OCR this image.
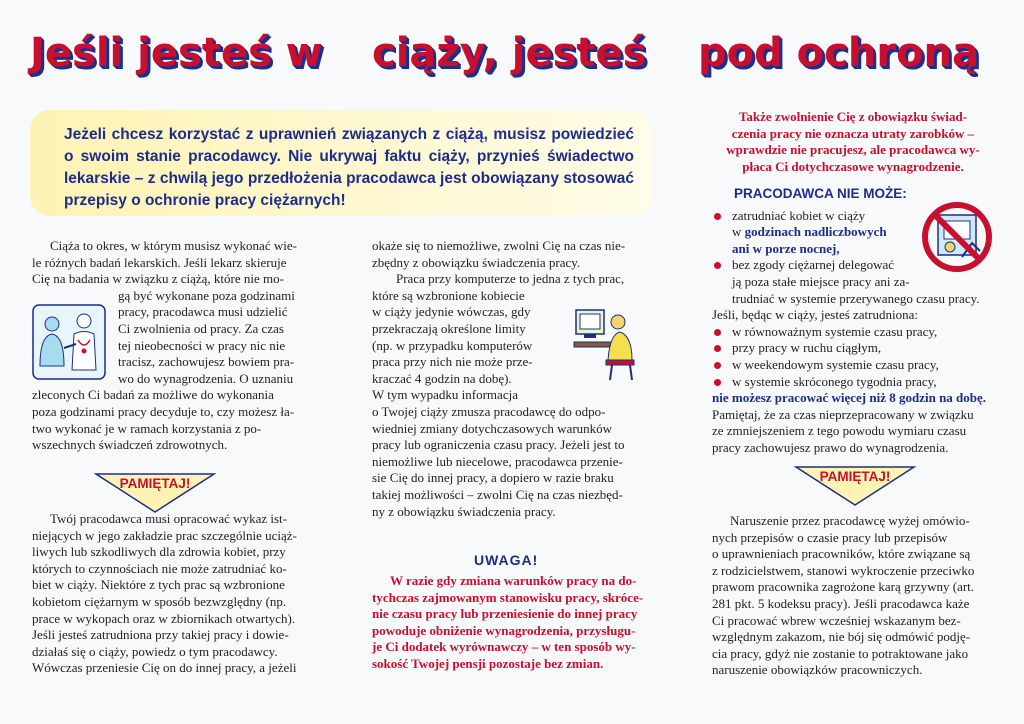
Jeśli jesteś w ciąży, jesteś pod ochroną
Jeżeli chcesz korzystać z uprawnień związanych z ciążą, musisz powiedzieć o swoim stanie pracodawcy. Nie ukrywaj faktu ciąży, przynieś świadectwo lekarskie – z chwilą jego przedłożenia pracodawca jest obowiązany stosować przepisy o ochronie pracy ciężarnych!
Ciąża to okres, w którym musisz wykonać wie-
le różnych badań lekarskich. Jeśli lekarz skieruje
Cię na badania w związku z ciążą, które nie mo-
gą być wykonane poza godzinami
pracy, pracodawca musi udzielić
Ci zwolnienia od pracy. Za czas
tej nieobecności w pracy nic nie
tracisz, zachowujesz bowiem pra-
wo do wynagrodzenia. O uznaniu
zleconych Ci badań za możliwe do wykonania
poza godzinami pracy decyduje to, czy możesz ła-
two wykonać je w ramach korzystania z po-
wszechnych świadczeń zdrowotnych.
PAMIĘTAJ!
Twój pracodawca musi opracować wykaz ist-
niejących w jego zakładzie prac szczególnie uciąż-
liwych lub szkodliwych dla zdrowia kobiet, przy
których to czynnościach nie może zatrudniać ko-
biet w ciąży. Niektóre z tych prac są wzbronione
kobietom ciężarnym w sposób bezwzględny (np.
prace w wykopach oraz w zbiornikach otwartych).
Jeśli jesteś zatrudniona przy takiej pracy i dowie-
działaś się o ciąży, powiedz o tym pracodawcy.
Wówczas przeniesie Cię on do innej pracy, a jeżeli
okaże się to niemożliwe, zwolni Cię na czas nie-
zbędny z obowiązku świadczenia pracy.
Praca przy komputerze to jedna z tych prac,
które są wzbronione kobiecie
w ciąży jedynie wówczas, gdy
przekraczają określone limity
(np. w przypadku komputerów
praca przy nich nie może prze-
kraczać 4 godzin na dobę).
W tym wypadku informacja
o Twojej ciąży zmusza pracodawcę do odpo-
wiedniej zmiany dotychczasowych warunków
pracy lub ograniczenia czasu pracy. Jeżeli jest to
niemożliwe lub niecelowe, pracodawca przenie-
sie Cię do innej pracy, a dopiero w razie braku
takiej możliwości – zwolni Cię na czas niezbęd-
ny z obowiązku świadczenia pracy.
UWAGA!
W razie gdy zmiana warunków pracy na do-
tychczas zajmowanym stanowisku pracy, skróce-
nie czasu pracy lub przeniesienie do innej pracy
powoduje obniżenie wynagrodzenia, przysługu-
je Ci dodatek wyrównawczy – w ten sposób wy-
sokość Twojej pensji pozostaje bez zmian.
Także zwolnienie Cię z obowiązku świad-
czenia pracy nie oznacza utraty zarobków –
wprawdzie nie pracujesz, ale pracodawca wy-
płaca Ci dotychczasowe wynagrodzenie.
PRACODAWCA NIE MOŻE:
zatrudniać kobiet w ciąży
w godzinach nadliczbowych
ani w porze nocnej,
bez zgody ciężarnej delegować
ją poza stałe miejsce pracy ani za-
trudniać w systemie przerywanego czasu pracy.
Jeśli, będąc w ciąży, jesteś zatrudniona:
w równoważnym systemie czasu pracy,
przy pracy w ruchu ciągłym,
w weekendowym systemie czasu pracy,
w systemie skróconego tygodnia pracy,
nie możesz pracować więcej niż 8 godzin na dobę.
Pamiętaj, że za czas nieprzepracowany w związku
ze zmniejszeniem z tego powodu wymiaru czasu
pracy zachowujesz prawo do wynagrodzenia.
PAMIĘTAJ!
Naruszenie przez pracodawcę wyżej omówio-
nych przepisów o czasie pracy lub przepisów
o uprawnieniach pracowników, które związane są
z rodzicielstwem, stanowi wykroczenie przeciwko
prawom pracownika zagrożone karą grzywny (art.
281 pkt. 5 kodeksu pracy). Jeśli pracodawca każe
Ci pracować wbrew wcześniej wskazanym bez-
względnym zakazom, nie bój się odmówić podję-
cia pracy, gdyż nie zostanie to potraktowane jako
naruszenie obowiązków pracowniczych.
